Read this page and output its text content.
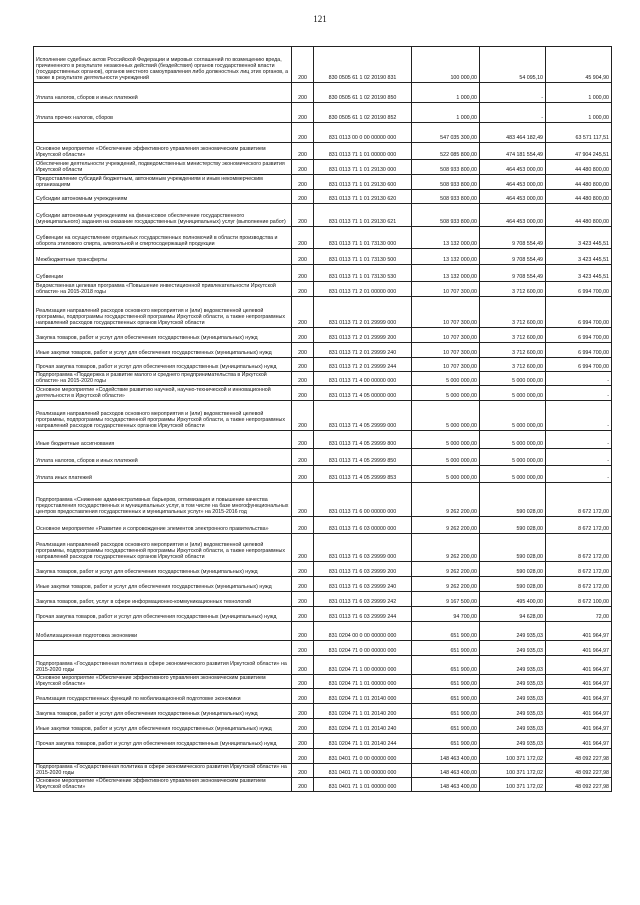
121
Исполнение судебных актов Российской Федерации и мировых соглашений по возмещению вреда, причиненного в результате незаконных действий (бездействия) органов государственной власти (государственных органов), органов местного самоуправления либо должностных лиц этих органов, а также в результате деятельности учреждений	200	830 0505 61 1 02 20190 831	100 000,00	54 095,10	45 904,90
Уплата налогов, сборов и иных платежей	200	830 0505 61 1 02 20190 850	1 000,00	-	1 000,00
Уплата прочих налогов, сборов	200	830 0505 61 1 02 20190 852	1 000,00	-	1 000,00
	200	831 0113 00 0 00 00000 000	547 035 300,00	483 464 182,49	63 571 117,51
Основное мероприятие «Обеспечение эффективного управления экономическим развитием Иркутской области»	200	831 0113 71 1 01 00000 000	522 085 800,00	474 181 554,49	47 904 245,51
Обеспечение деятельности учреждений, подведомственных министерству экономического развития Иркутской области	200	831 0113 71 1 01 29130 000	508 933 800,00	464 453 000,00	44 480 800,00
Предоставление субсидий бюджетным, автономным учреждениям и иным некоммерческим организациям	200	831 0113 71 1 01 29130 600	508 933 800,00	464 453 000,00	44 480 800,00
Субсидии автономным учреждениям	200	831 0113 71 1 01 29130 620	508 933 800,00	464 453 000,00	44 480 800,00
Субсидии автономным учреждениям на финансовое обеспечение государственного (муниципального) задания на оказание государственных (муниципальных) услуг (выполнение работ)	200	831 0113 71 1 01 29130 621	508 933 800,00	464 453 000,00	44 480 800,00
Субвенции на осуществление отдельных государственных полномочий в области производства и оборота этилового спирта, алкогольной и спиртосодержащей продукции	200	831 0113 71 1 01 73130 000	13 132 000,00	9 708 554,49	3 423 445,51
Межбюджетные трансферты	200	831 0113 71 1 01 73130 500	13 132 000,00	9 708 554,49	3 423 445,51
Субвенции	200	831 0113 71 1 01 73130 530	13 132 000,00	9 708 554,49	3 423 445,51
Ведомственная целевая программа «Повышение инвестиционной привлекательности Иркутской области» на 2015-2018 годы	200	831 0113 71 2 01 00000 000	10 707 300,00	3 712 600,00	6 994 700,00
Реализация направлений расходов основного мероприятия и (или) ведомственной целевой программы, подпрограммы государственной программы Иркутской области, а также непрограммных направлений расходов государственных органов Иркутской области	200	831 0113 71 2 01 29999 000	10 707 300,00	3 712 600,00	6 994 700,00
Закупка товаров, работ и услуг для обеспечения государственных (муниципальных) нужд	200	831 0113 71 2 01 29999 200	10 707 300,00	3 712 600,00	6 994 700,00
Иные закупки товаров, работ и услуг для обеспечения государственных (муниципальных) нужд	200	831 0113 71 2 01 29999 240	10 707 300,00	3 712 600,00	6 994 700,00
Прочая закупка товаров, работ и услуг для обеспечения государственных (муниципальных) нужд	200	831 0113 71 2 01 29999 244	10 707 300,00	3 712 600,00	6 994 700,00
Подпрограмма «Поддержка и развитие малого и среднего предпринимательства в Иркутской области» на 2015-2020 годы	200	831 0113 71 4 00 00000 000	5 000 000,00	5 000 000,00	-
Основное мероприятие «Содействие развитию научной, научно-технической и инновационной деятельности в Иркутской области»	200	831 0113 71 4 05 00000 000	5 000 000,00	5 000 000,00	-
Реализация направлений расходов основного мероприятия и (или) ведомственной целевой программы, подпрограммы государственной программы Иркутской области, а также непрограммных направлений расходов государственных органов Иркутской области	200	831 0113 71 4 05 29999 000	5 000 000,00	5 000 000,00	-
Иные бюджетные ассигнования	200	831 0113 71 4 05 29999 800	5 000 000,00	5 000 000,00	-
Уплата налогов, сборов и иных платежей	200	831 0113 71 4 05 29999 850	5 000 000,00	5 000 000,00	-
Уплата иных платежей	200	831 0113 71 4 05 29999 853	5 000 000,00	5 000 000,00	-
Подпрограмма «Снижение административных барьеров, оптимизация и повышение качества предоставления государственных и муниципальных услуг, в том числе на базе многофункциональных центров предоставления государственных и муниципальных услуг» на 2015-2016 год	200	831 0113 71 6 00 00000 000	9 262 200,00	590 028,00	8 672 172,00
Основное мероприятие «Развитие и сопровождение элементов электронного правительства»	200	831 0113 71 6 03 00000 000	9 262 200,00	590 028,00	8 672 172,00
Реализация направлений расходов основного мероприятия и (или) ведомственной целевой программы, подпрограммы государственной программы Иркутской области, а также непрограммных направлений расходов государственных органов Иркутской области	200	831 0113 71 6 03 29999 000	9 262 200,00	590 028,00	8 672 172,00
Закупка товаров, работ и услуг для обеспечения государственных (муниципальных) нужд	200	831 0113 71 6 03 29999 200	9 262 200,00	590 028,00	8 672 172,00
Иные закупки товаров, работ и услуг для обеспечения государственных (муниципальных) нужд	200	831 0113 71 6 03 29999 240	9 262 200,00	590 028,00	8 672 172,00
Закупка товаров, работ, услуг в сфере информационно-коммуникационных технологий	200	831 0113 71 6 03 29999 242	9 167 500,00	495 400,00	8 672 100,00
Прочая закупка товаров, работ и услуг для обеспечения государственных (муниципальных) нужд	200	831 0113 71 6 03 29999 244	94 700,00	94 628,00	72,00
Мобилизационная подготовка экономики	200	831 0204 00 0 00 00000 000	651 900,00	249 935,03	401 964,97
	200	831 0204 71 0 00 00000 000	651 900,00	249 935,03	401 964,97
Подпрограмма «Государственная политика в сфере экономического развития Иркутской области» на 2015-2020 годы	200	831 0204 71 1 00 00000 000	651 900,00	249 935,03	401 964,97
Основное мероприятие «Обеспечение эффективного управления экономическим развитием Иркутской области»	200	831 0204 71 1 01 00000 000	651 900,00	249 935,03	401 964,97
Реализация государственных функций по мобилизационной подготовке экономики	200	831 0204 71 1 01 20140 000	651 900,00	249 935,03	401 964,97
Закупка товаров, работ и услуг для обеспечения государственных (муниципальных) нужд	200	831 0204 71 1 01 20140 200	651 900,00	249 935,03	401 964,97
Иные закупки товаров, работ и услуг для обеспечения государственных (муниципальных) нужд	200	831 0204 71 1 01 20140 240	651 900,00	249 935,03	401 964,97
Прочая закупка товаров, работ и услуг для обеспечения государственных (муниципальных) нужд	200	831 0204 71 1 01 20140 244	651 900,00	249 935,03	401 964,97
	200	831 0401 71 0 00 00000 000	148 463 400,00	100 371 172,02	48 092 227,98
Подпрограмма «Государственная политика в сфере экономического развития Иркутской области» на 2015-2020 годы	200	831 0401 71 1 00 00000 000	148 463 400,00	100 371 172,02	48 092 227,98
Основное мероприятие «Обеспечение эффективного управления экономическим развитием Иркутской области»	200	831 0401 71 1 01 00000 000	148 463 400,00	100 371 172,02	48 092 227,98
